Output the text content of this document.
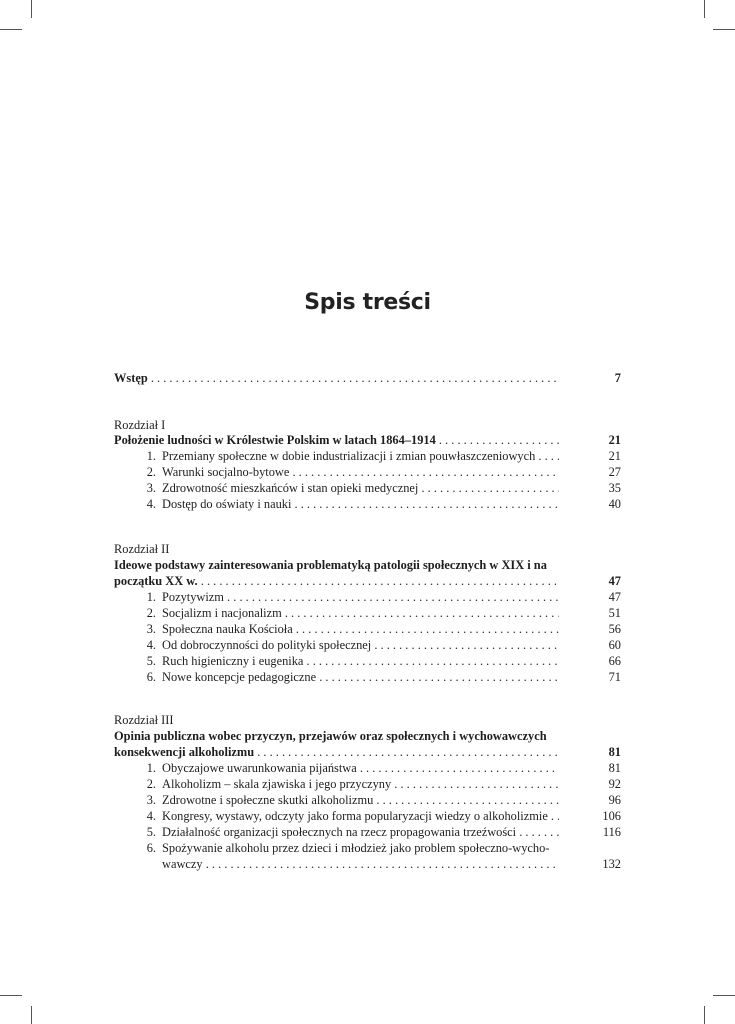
Spis treści
Wstęp . . .	7
Rozdział I
Położenie ludności w Królestwie Polskim w latach 1864–1914 . . .	21
1. Przemiany społeczne w dobie industrializacji i zmian pouwłaszczeniowych . . .	21
2. Warunki socjalno-bytowe . . .	27
3. Zdrowotność mieszkańców i stan opieki medycznej . . .	35
4. Dostęp do oświaty i nauki . . .	40
Rozdział II
Ideowe podstawy zainteresowania problematyką patologii społecznych w XIX i na
początku XX w. . . .	47
1. Pozytywizm . . .	47
2. Socjalizm i nacjonalizm . . .	51
3. Społeczna nauka Kościoła . . .	56
4. Od dobroczynności do polityki społecznej . . .	60
5. Ruch higieniczny i eugenika . . .	66
6. Nowe koncepcje pedagogiczne . . .	71
Rozdział III
Opinia publiczna wobec przyczyn, przejawów oraz społecznych i wychowawczych
konsekwencji alkoholizmu . . .	81
1. Obyczajowe uwarunkowania pijaństwa . . .	81
2. Alkoholizm – skala zjawiska i jego przyczyny . . .	92
3. Zdrowotne i społeczne skutki alkoholizmu . . .	96
4. Kongresy, wystawy, odczyty jako forma popularyzacji wiedzy o alkoholizmie . . .	106
5. Działalność organizacji społecznych na rzecz propagowania trzeźwości . . .	116
6. Spożywanie alkoholu przez dzieci i młodzież jako problem społeczno-wycho-
wawczy . . .	132
